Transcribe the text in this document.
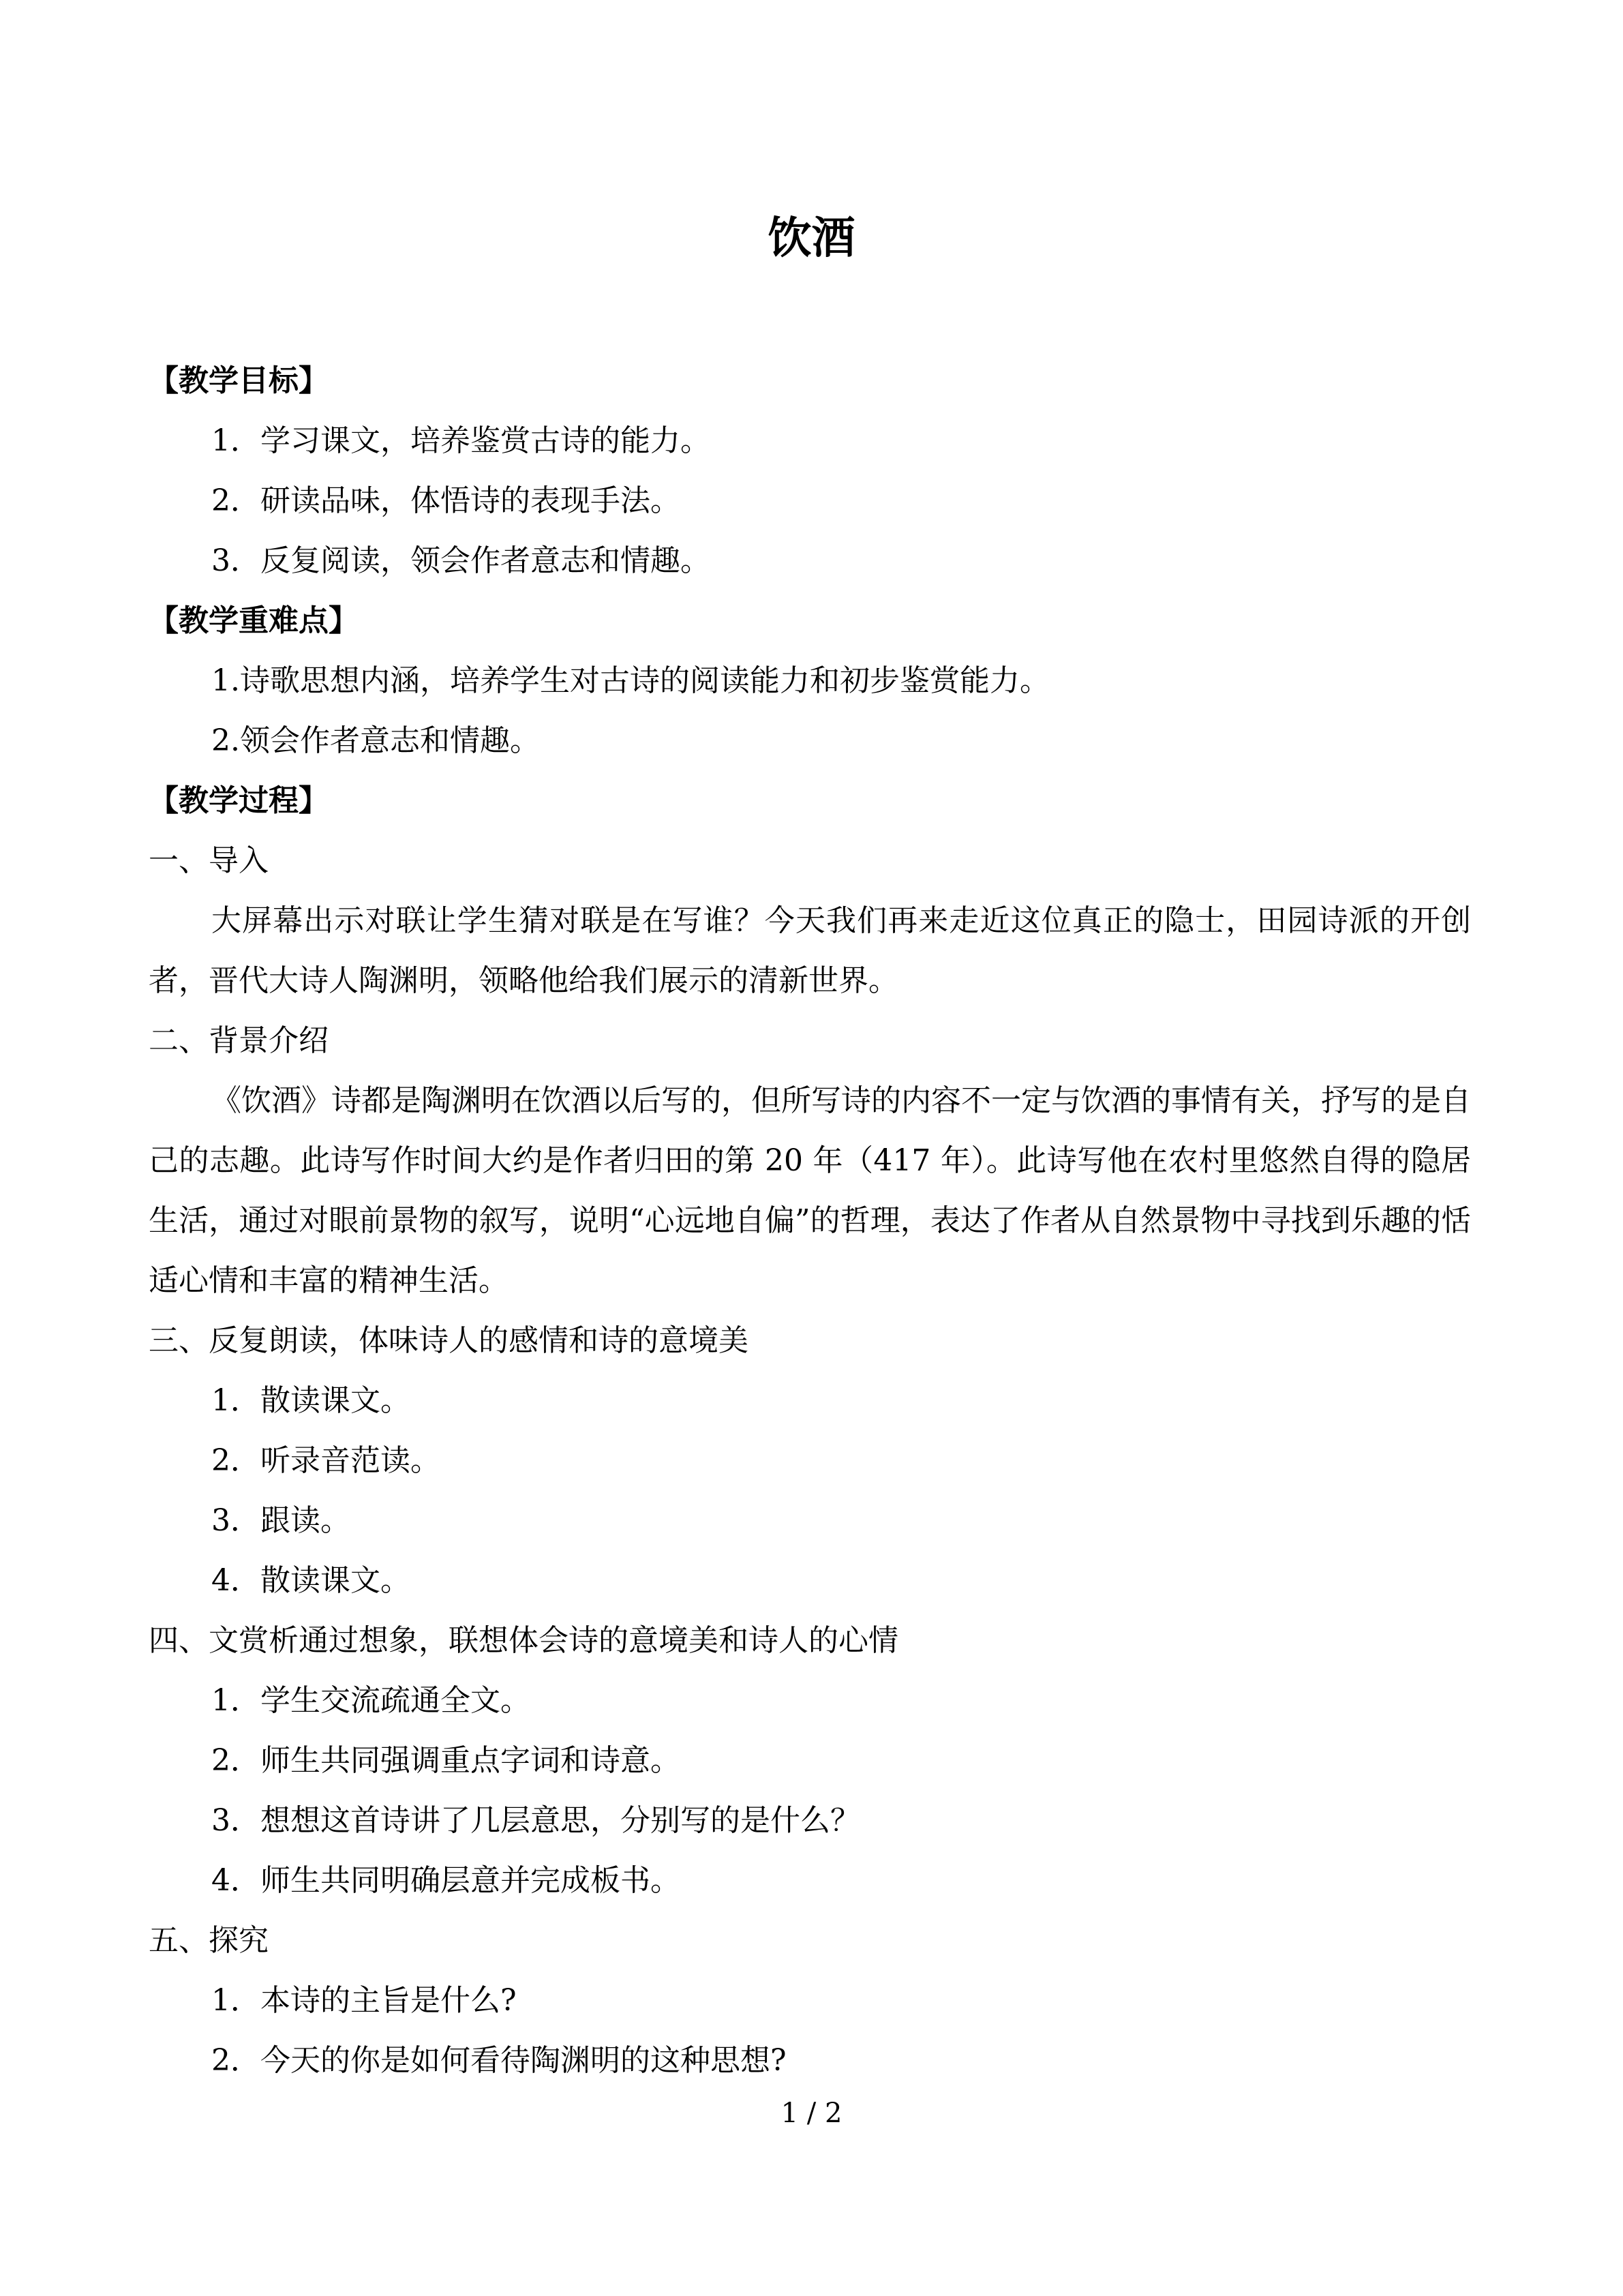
饮酒
【教学目标】
1．学习课文，培养鉴赏古诗的能力。
2．研读品味，体悟诗的表现手法。
3．反复阅读，领会作者意志和情趣。
【教学重难点】
1.诗歌思想内涵，培养学生对古诗的阅读能力和初步鉴赏能力。
2.领会作者意志和情趣。
【教学过程】
一、导入
大屏幕出示对联让学生猜对联是在写谁？今天我们再来走近这位真正的隐士，田园诗派的开创者，晋代大诗人陶渊明，领略他给我们展示的清新世界。
二、背景介绍
《饮酒》诗都是陶渊明在饮酒以后写的，但所写诗的内容不一定与饮酒的事情有关，抒写的是自己的志趣。此诗写作时间大约是作者归田的第 20 年（417 年）。此诗写他在农村里悠然自得的隐居生活，通过对眼前景物的叙写，说明“心远地自偏”的哲理，表达了作者从自然景物中寻找到乐趣的恬适心情和丰富的精神生活。
三、反复朗读，体味诗人的感情和诗的意境美
1．散读课文。
2．听录音范读。
3．跟读。
4．散读课文。
四、文赏析通过想象，联想体会诗的意境美和诗人的心情
1．学生交流疏通全文。
2．师生共同强调重点字词和诗意。
3．想想这首诗讲了几层意思，分别写的是什么？
4．师生共同明确层意并完成板书。
五、探究
1．本诗的主旨是什么?
2．今天的你是如何看待陶渊明的这种思想?
1 / 2
